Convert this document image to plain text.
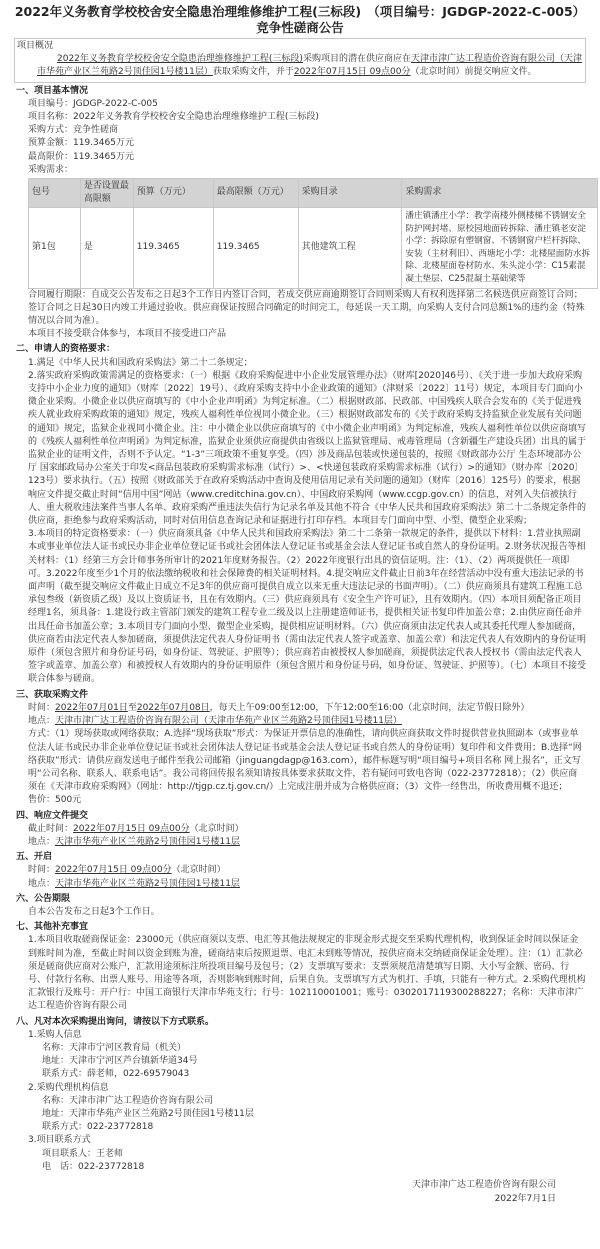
2022年义务教育学校校舍安全隐患治理维修维护工程(三标段)　（项目编号：JGDGP-2022-C-005）竞争性磋商公告
项目概况
2022年义务教育学校校舍安全隐患治理维修维护工程(三标段)采购项目的潜在供应商应在天津市津广达工程造价咨询有限公司（天津市华苑产业区兰苑路2号顶佳园1号楼11层）获取采购文件，并于2022年07月15日 09点00分（北京时间）前提交响应文件。
一、项目基本情况
项目编号：JGDGP-2022-C-005
项目名称：2022年义务教育学校校舍安全隐患治理维修维护工程(三标段)
采购方式：竞争性磋商
预算金额：119.3465万元
最高限价：119.3465万元
采购需求：
包号	是否设置最高限额	预算（万元）	最高限额（万元）	采购目录	采购需求
第1包	是	119.3465	119.3465	其他建筑工程	潘庄镇潘庄小学：教学南楼外侧楼梯不锈钢安全防护网封堵、原校园地面砖拆除、潘庄镇老安淀小学：拆除原有塑钢窗、不锈钢窗户栏杆拆除、安装（主材利旧）、西塘坨小学：北楼屋面防水拆除、北楼屋面卷材防水、朱头淀小学：C15素混凝土垫层、C25混凝土基础梁等
合同履行期限：自成交公告发布之日起3个工作日内签订合同，若成交供应商逾期签订合同则采购人有权利选择第二名候选供应商签订合同；签订合同之日起30日内竣工并通过验收。供应商保证按照合同确定的时间完工，每延误一天工期，向采购人支付合同总额1%的违约金（特殊情况以合同为准）。
本项目不接受联合体参与，本项目不接受进口产品
二、申请人的资格要求：
1.满足《中华人民共和国政府采购法》第二十二条规定；
2.落实政府采购政策需满足的资格要求：（一）根据《政府采购促进中小企业发展管理办法》（财库[2020]46号）、《关于进一步加大政府采购支持中小企业力度的通知》（财库〔2022〕19号）、《政府采购支持中小企业政策的通知》（津财采〔2022〕11号）规定，本项目专门面向小微企业采购。小微企业以供应商填写的《中小企业声明函》为判定标准。（二）根据财政部、民政部、中国残疾人联合会发布的《关于促进残疾人就业政府采购政策的通知》规定，残疾人福利性单位视同小微企业。（三）根据财政部发布的《关于政府采购支持监狱企业发展有关问题的通知》规定，监狱企业视同小微企业。注：中小微企业以供应商填写的《中小微企业声明函》为判定标准，残疾人福利性单位以供应商填写的《残疾人福利性单位声明函》为判定标准，监狱企业须供应商提供由省级以上监狱管理局、戒毒管理局（含新疆生产建设兵团）出具的属于监狱企业的证明文件，否则不予认定。“1-3”三项政策不重复享受。（四）涉及商品包装或快递包装的，按照《财政部办公厅 生态环境部办公厅 国家邮政局办公室关于印发<商品包装政府采购需求标准（试行）>、<快递包装政府采购需求标准（试行）>的通知》（财办库〔2020〕123号）要求执行。（五）按照《财政部关于在政府采购活动中查询及使用信用记录有关问题的通知》（财库〔2016〕125号）的要求，根据响应文件提交截止时间“信用中国”网站（www.creditchina.gov.cn）、中国政府采购网（www.ccgp.gov.cn）的信息，对列入失信被执行人、重大税收违法案件当事人名单、政府采购严重违法失信行为记录名单及其他不符合《中华人民共和国政府采购法》第二十二条规定条件的供应商，拒绝参与政府采购活动，同时对信用信息查询记录和证据进行打印存档。本项目专门面向中型、小型、微型企业采购；
3.本项目的特定资格要求：（一）供应商须具备《中华人民共和国政府采购法》第二十二条第一款规定的条件，提供以下材料：1.营业执照副本或事业单位法人证书或民办非企业单位登记证书或社会团体法人登记证书或基金会法人登记证书或自然人的身份证明。2.财务状况报告等相关材料：（1）经第三方会计师事务所审计的2021年度财务报告。（2）2022年度银行出具的资信证明。注：（1）、（2）两项提供任一项即可。3.2022年度至少1个月的依法缴纳税收和社会保障费的相关证明材料。4.提交响应文件截止日前3年在经营活动中没有重大违法记录的书面声明（截至提交响应文件截止日成立不足3年的供应商可提供自成立以来无重大违法记录的书面声明）。（二）供应商须具有建筑工程施工总承包叁级（新资质乙级）及以上资质证书，且在有效期内。（三）供应商须具有《安全生产许可证》，且有效期内。（四）本项目须配备正项目经理1名，须具备：1.建设行政主管部门颁发的建筑工程专业二级及以上注册建造师证书，提供相关证书复印件加盖公章；2.由供应商任命并出具任命书加盖公章；3.本项目专门面向小型、微型企业采购，提供相应证明材料。（六）供应商须由法定代表人或其委托代理人参加磋商，供应商若由法定代表人参加磋商，须提供法定代表人身份证明书（需由法定代表人签字或盖章、加盖公章）和法定代表人有效期内的身份证明原件（须包含照片和身份证号码，如身份证、驾驶证、护照等）；供应商若由被授权人参加磋商，须提供法定代表人授权书（需由法定代表人签字或盖章、加盖公章）和被授权人有效期内的身份证明原件（须包含照片和身份证号码，如身份证、驾驶证、护照等）。（七）本项目不接受联合体参与磋商。
三、获取采购文件
时间：2022年07月01日至2022年07月08日，每天上午09:00至12:00，下午12:00至16:00（北京时间，法定节假日除外）
地点：天津市津广达工程造价咨询有限公司（天津市华苑产业区兰苑路2号顶佳园1号楼11层）
方式：（1）现场获取或网络获取；A.选择“现场获取”形式：为保证开票信息的准确性，请向供应商获取文件时提供营业执照副本（或事业单位法人证书或民办非企业单位登记证书或社会团体法人登记证书或基金会法人登记证书或自然人的身份证明）复印件和文件费用；B.选择“网络获取”形式：请供应商发送电子邮件至我公司邮箱（jinguangdagp@163.com），邮件标题写明“项目编号+项目名称 网上报名”，正文写明“公司名称、联系人、联系电话”。我公司将回传报名须知请按具体要求获取文件，若有疑问可致电咨询（022-23772818）；（2）供应商须在《天津市政府采购网》（网址：http://tjgp.cz.tj.gov.cn/）上完成注册并成为合格供应商；（3）文件一经售出，所收费用概不退还；
售价：500元
四、响应文件提交
截止时间：2022年07月15日 09点00分（北京时间）
地点：天津市华苑产业区兰苑路2号顶佳园1号楼11层
五、开启
时间：2022年07月15日 09点00分（北京时间）
地点：天津市华苑产业区兰苑路2号顶佳园1号楼11层
六、公告期限
自本公告发布之日起3个工作日。
七、其他补充事宜
1.本项目收取磋商保证金：23000元（供应商须以支票、电汇等其他法规规定的非现金形式提交至采购代理机构，收到保证金时间以保证金到账时间为准，至截止时间以资金到账为准，磋商结束后按照退票、电汇未到账等情况，按供应商未交纳磋商保证金处理）。注：（1）汇款必须是磋商供应商对公账户，汇款用途须标注所投项目编号及包号；（2）支票填写要求：支票须规范清楚填写日期、大小写金额、密码、行号、付款行名称、出票人账号、用途等各项，否则影响到账时间，后果自负。支票填写方式为机打、手填，只能有一种方式。2.采购代理机构汇款银行及账号：开户行：中国工商银行天津市华苑支行；行号：102110001001；账号：0302017119300288227；名称：天津市津广达工程造价咨询有限公司
八、凡对本次采购提出询问，请按以下方式联系。
1.采购人信息
名称：天津市宁河区教育局（机关）
地址：天津市宁河区芦台镇新华道34号
联系方式：薛老师，022-69579043
2.采购代理机构信息
名称：天津市津广达工程造价咨询有限公司
地址：天津市华苑产业区兰苑路2号顶佳园1号楼11层
联系方式：022-23772818
3.项目联系方式
项目联系人：王老师
电　话：022-23772818
天津市津广达工程造价咨询有限公司
2022年7月1日
